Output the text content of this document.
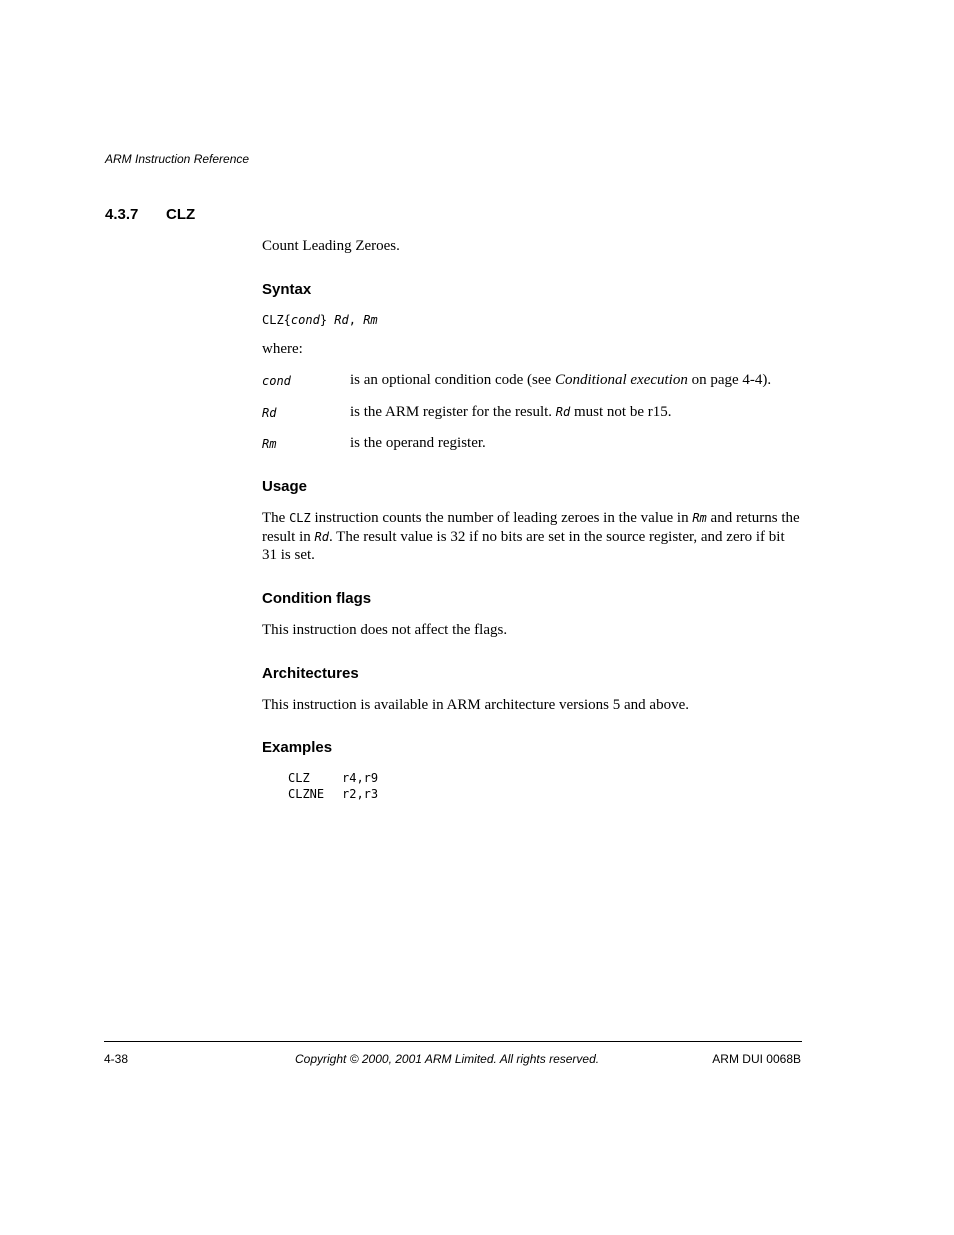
ARM Instruction Reference
4.3.7 CLZ
Count Leading Zeroes.
Syntax
CLZ{cond} Rd, Rm
where:
cond	is an optional condition code (see Conditional execution on page 4-4).
Rd	is the ARM register for the result. Rd must not be r15.
Rm	is the operand register.
Usage
The CLZ instruction counts the number of leading zeroes in the value in Rm and returns the result in Rd. The result value is 32 if no bits are set in the source register, and zero if bit 31 is set.
Condition flags
This instruction does not affect the flags.
Architectures
This instruction is available in ARM architecture versions 5 and above.
Examples
CLZ	r4,r9
CLZNE r2,r3
4-38	Copyright © 2000, 2001 ARM Limited. All rights reserved.	ARM DUI 0068B
